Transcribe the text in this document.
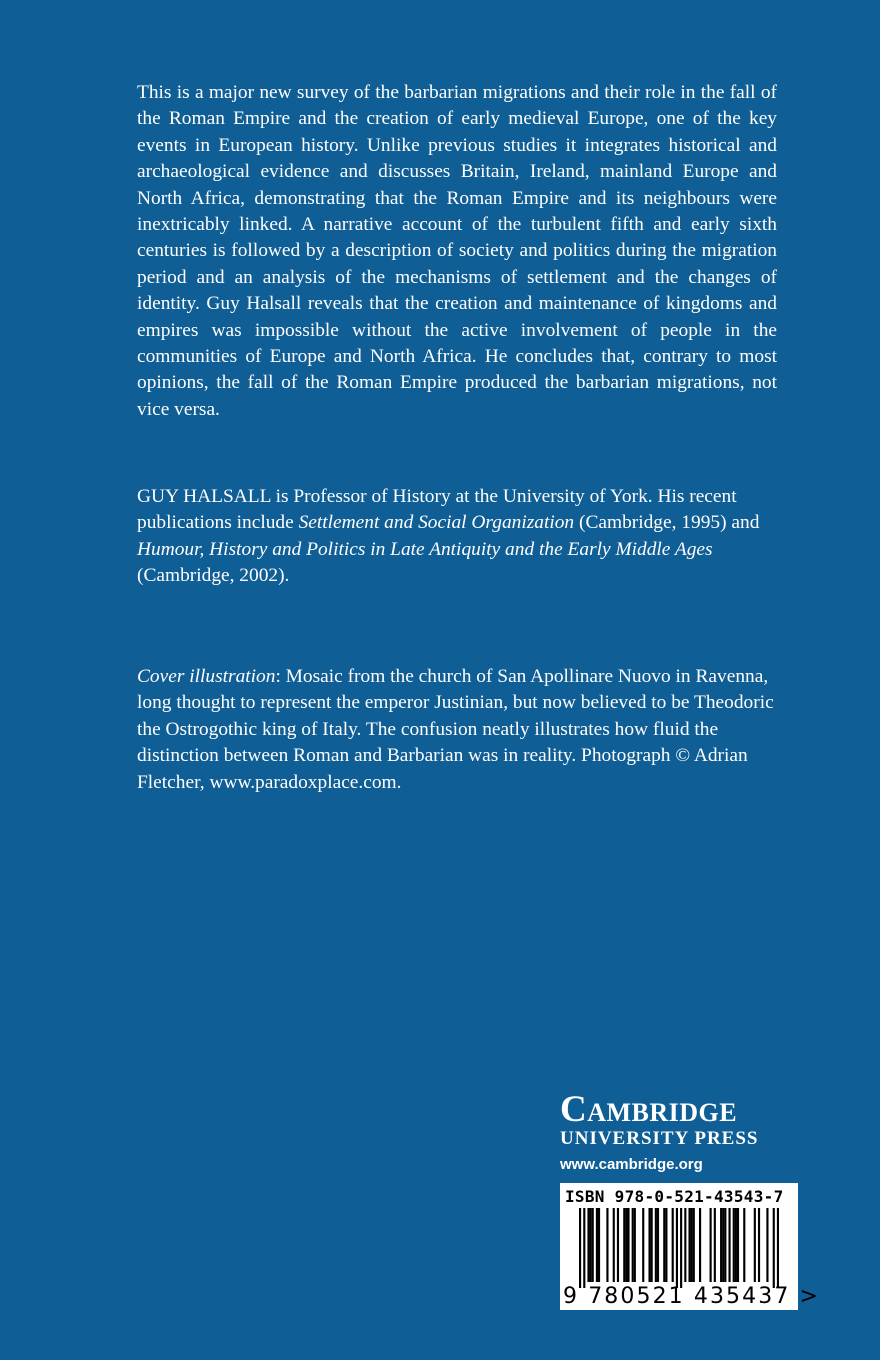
This is a major new survey of the barbarian migrations and their role in the fall of the Roman Empire and the creation of early medieval Europe, one of the key events in European history. Unlike previous studies it integrates historical and archaeological evidence and discusses Britain, Ireland, mainland Europe and North Africa, demonstrating that the Roman Empire and its neighbours were inextricably linked. A narrative account of the turbulent fifth and early sixth centuries is followed by a description of society and politics during the migration period and an analysis of the mechanisms of settlement and the changes of identity. Guy Halsall reveals that the creation and maintenance of kingdoms and empires was impossible without the active involvement of people in the communities of Europe and North Africa. He concludes that, contrary to most opinions, the fall of the Roman Empire produced the barbarian migrations, not vice versa.

GUY HALSALL is Professor of History at the University of York. His recent publications include Settlement and Social Organization (Cambridge, 1995) and Humour, History and Politics in Late Antiquity and the Early Middle Ages (Cambridge, 2002).
Cover illustration: Mosaic from the church of San Apollinare Nuovo in Ravenna, long thought to represent the emperor Justinian, but now believed to be Theodoric the Ostrogothic king of Italy. The confusion neatly illustrates how fluid the distinction between Roman and Barbarian was in reality. Photograph © Adrian Fletcher, www.paradoxplace.com.
Cambridge
UNIVERSITY PRESS
www.cambridge.org
ISBN 978-0-521-43543-7
9 780521 435437 >
